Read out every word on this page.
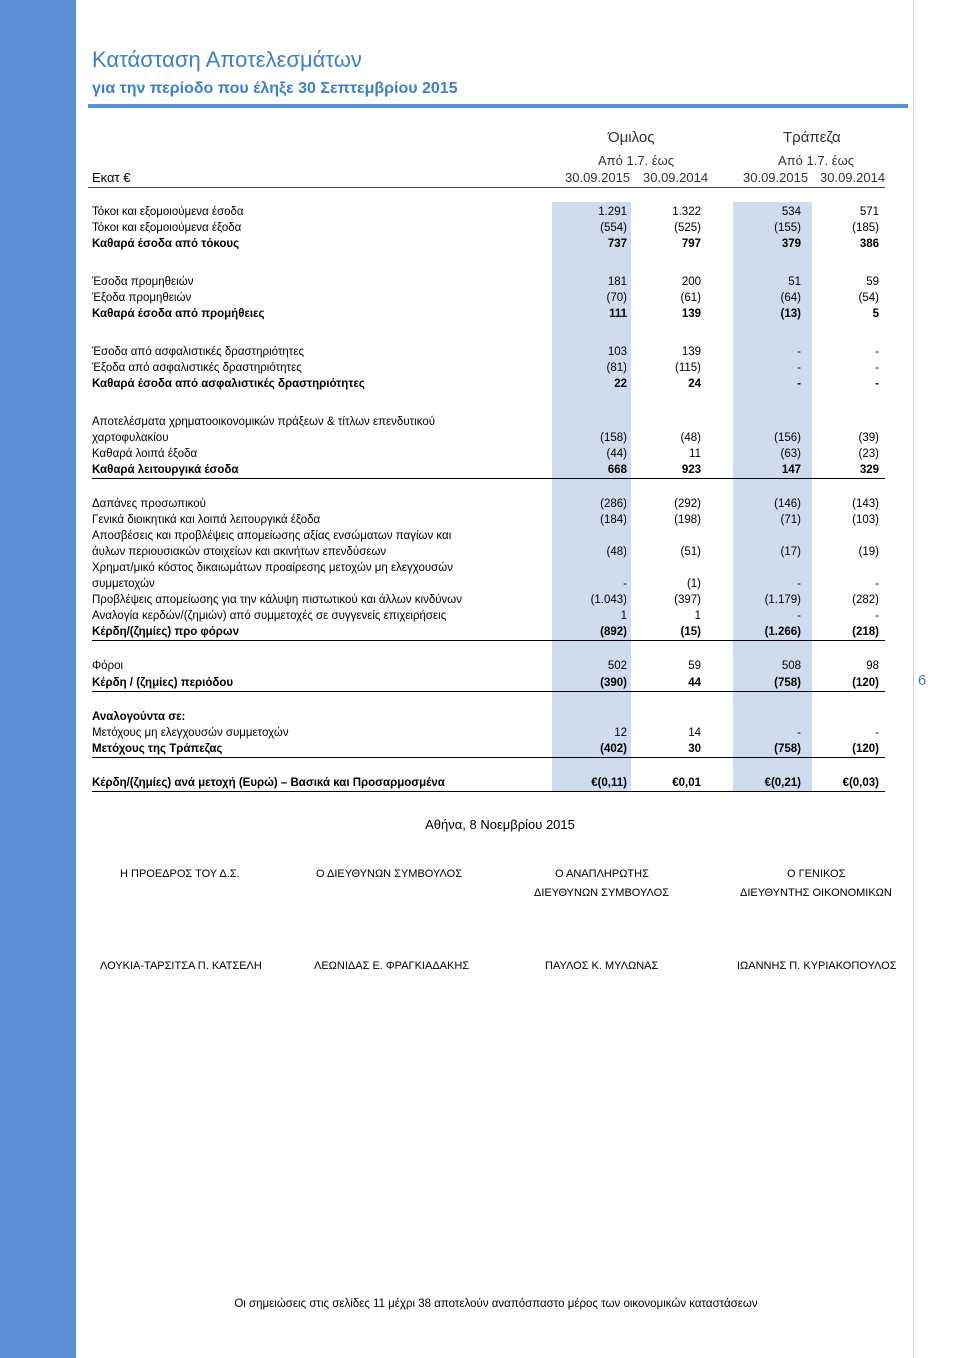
Κατάσταση Αποτελεσμάτων
για την περίοδο που έληξε 30 Σεπτεμβρίου 2015
Όμιλος	Τράπεζα
Από 1.7. έως	Από 1.7. έως
Εκατ €	30.09.2015 30.09.2014	30.09.2015 30.09.2014
Τόκοι και εξομοιούμενα έσοδα	1.291	1.322	534	571
Τόκοι και εξομοιούμενα έξοδα	(554)	(525)	(155)	(185)
Καθαρά έσοδα από τόκους	737	797	379	386
Έσοδα προμηθειών	181	200	51	59
Έξοδα προμηθειών	(70)	(61)	(64)	(54)
Καθαρά έσοδα από προμήθειες	111	139	(13)	5
Έσοδα από ασφαλιστικές δραστηριότητες	103	139	-	-
Έξοδα από ασφαλιστικές δραστηριότητες	(81)	(115)	-	-
Καθαρά έσοδα από ασφαλιστικές δραστηριότητες	22	24	-	-
Αποτελέσματα χρηματοοικονομικών πράξεων & τίτλων επενδυτικού
χαρτοφυλακίου	(158)	(48)	(156)	(39)
Καθαρά λοιπά έξοδα	(44)	11	(63)	(23)
Καθαρά λειτουργικά έσοδα	668	923	147	329
Δαπάνες προσωπικού	(286)	(292)	(146)	(143)
Γενικά διοικητικά και λοιπά λειτουργικά έξοδα	(184)	(198)	(71)	(103)
Αποσβέσεις και προβλέψεις απομείωσης αξίας ενσώματων παγίων και
άυλων περιουσιακών στοιχείων και ακινήτων επενδύσεων	(48)	(51)	(17)	(19)
Χρηματ/μικό κόστος δικαιωμάτων προαίρεσης μετοχών μη ελεγχουσών
συμμετοχών	-	(1)	-	-
Προβλέψεις απομείωσης για την κάλυψη πιστωτικού και άλλων κινδύνων	(1.043)	(397)	(1.179)	(282)
Αναλογία κερδών/(ζημιών) από συμμετοχές σε συγγενείς επιχειρήσεις	1	1	-	-
Κέρδη/(ζημίες) προ φόρων	(892)	(15)	(1.266)	(218)
Φόροι	502	59	508	98
Κέρδη / (ζημίες) περιόδου	(390)	44	(758)	(120)
Αναλογούντα σε:
Μετόχους μη ελεγχουσών συμμετοχών	12	14	-	-
Μετόχους της Τράπεζας	(402)	30	(758)	(120)
Κέρδη/(ζημίες) ανά μετοχή (Ευρώ) – Βασικά και Προσαρμοσμένα	€(0,11)	€0,01	€(0,21)	€(0,03)
Αθήνα, 8 Νοεμβρίου 2015
Η ΠΡΟΕΔΡΟΣ ΤΟΥ Δ.Σ.	Ο ΔΙΕΥΘΥΝΩΝ ΣΥΜΒΟΥΛΟΣ	Ο ΑΝΑΠΛΗΡΩΤΗΣ
ΔΙΕΥΘΥΝΩΝ ΣΥΜΒΟΥΛΟΣ
Ο ΓΕΝΙΚΟΣ
ΔΙΕΥΘΥΝΤΗΣ ΟΙΚΟΝΟΜΙΚΩΝ
ΛΟΥΚΙΑ-ΤΑΡΣΙΤΣΑ Π. ΚΑΤΣΕΛΗ	ΛΕΩΝΙΔΑΣ Ε. ΦΡΑΓΚΙΑΔΑΚΗΣ	ΠΑΥΛΟΣ Κ. ΜΥΛΩΝΑΣ	ΙΩΑΝΝΗΣ Π. ΚΥΡΙΑΚΟΠΟΥΛΟΣ
6
Οι σημειώσεις στις σελίδες 11 μέχρι 38 αποτελούν αναπόσπαστο μέρος των οικονομικών καταστάσεων
